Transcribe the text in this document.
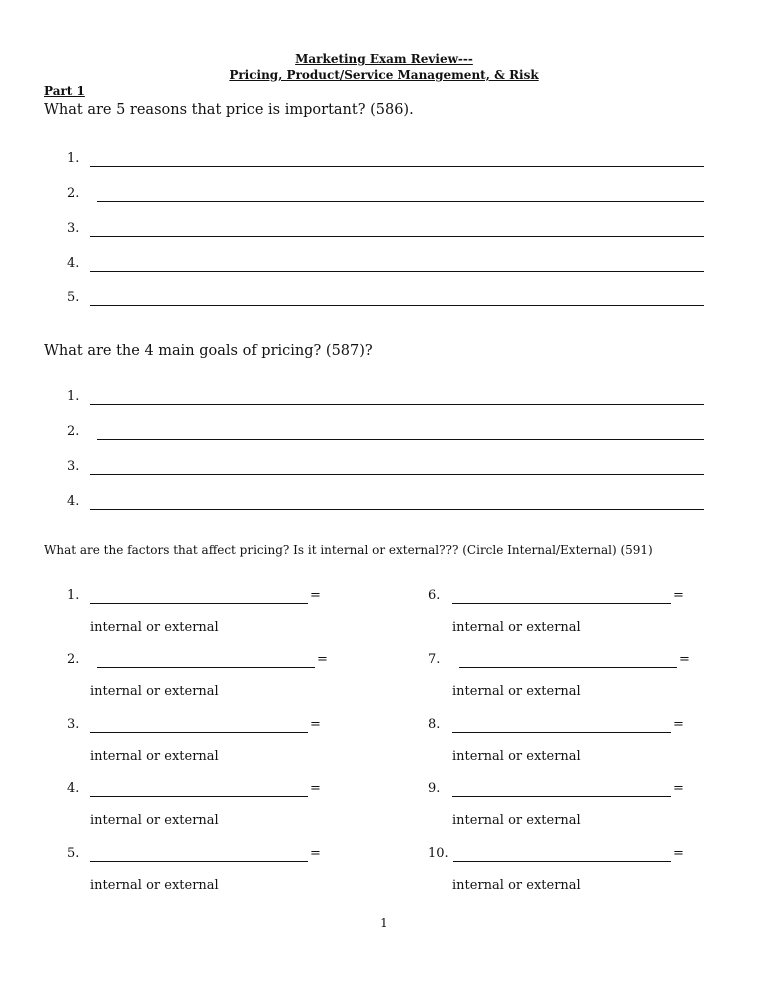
Marketing Exam Review---
Pricing, Product/Service Management, & Risk
Part 1
What are 5 reasons that price is important? (586).
1.
2.
3.
4.
5.
What are the 4 main goals of pricing? (587)?
1.
2.
3.
4.
What are the factors that affect pricing? Is it internal or external??? (Circle Internal/External) (591)
1.	=
internal or external
2.	=
internal or external
3.	=
internal or external
4.	=
internal or external
5.	=
internal or external
6.	=
internal or external
7.	=
internal or external
8.	=
internal or external
9.	=
internal or external
10.	=
internal or external
1
